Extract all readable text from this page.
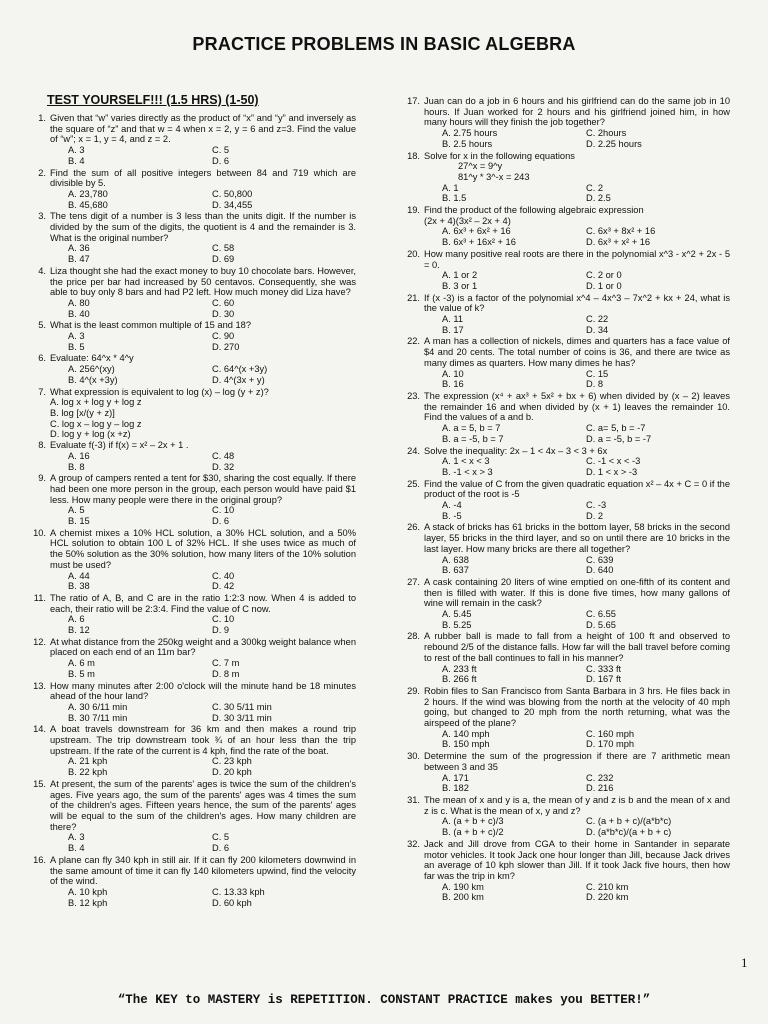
PRACTICE PROBLEMS IN BASIC ALGEBRA
TEST YOURSELF!!! (1.5 HRS) (1-50)
1. Given that “w” varies directly as the product of “x” and “y” and inversely as the square of “z” and that w = 4 when x = 2, y = 6 and z=3. Find the value of “w”; x = 1, y = 4, and z = 2.
A. 3	C. 5
B. 4	D. 6
2. Find the sum of all positive integers between 84 and 719 which are divisible by 5.
A. 23,780	C. 50,800
B. 45,680	D. 34,455
3. The tens digit of a number is 3 less than the units digit. If the number is divided by the sum of the digits, the quotient is 4 and the remainder is 3. What is the original number?
A. 36	C. 58
B. 47	D. 69
4. Liza thought she had the exact money to buy 10 chocolate bars. However, the price per bar had increased by 50 centavos. Consequently, she was able to buy only 8 bars and had P2 left. How much money did Liza have?
A. 80	C. 60
B. 40	D. 30
5. What is the least common multiple of 15 and 18?
A. 3	C. 90
B. 5	D. 270
6. Evaluate: 64^x * 4^y
A. 256^(xy)	C. 64^(x +3y)
B. 4^(x +3y)	D. 4^(3x + y)
7. What expression is equivalent to log (x) – log (y + z)?
A. log x + log y + log z
B. log [x/(y + z)]
C. log x – log y – log z
D. log y + log (x +z)
8. Evaluate f(-3) if f(x) = x² – 2x + 1 .
A. 16	C. 48
B. 8	D. 32
9. A group of campers rented a tent for $30, sharing the cost equally. If there had been one more person in the group, each person would have paid $1 less. How many people were there in the original group?
A. 5	C. 10
B. 15	D. 6
10. A chemist mixes a 10% HCL solution, a 30% HCL solution, and a 50% HCL solution to obtain 100 L of 32% HCL. If she uses twice as much of the 50% solution as the 30% solution, how many liters of the 10% solution must be used?
A. 44	C. 40
B. 38	D. 42
11. The ratio of A, B, and C are in the ratio 1:2:3 now. When 4 is added to each, their ratio will be 2:3:4. Find the value of C now.
A. 6	C. 10
B. 12	D. 9
12. At what distance from the 250kg weight and a 300kg weight balance when placed on each end of an 11m bar?
A. 6 m	C. 7 m
B. 5 m	D. 8 m
13. How many minutes after 2:00 o'clock will the minute hand be 18 minutes ahead of the hour land?
A. 30 6/11 min	C. 30 5/11 min
B. 30 7/11 min	D. 30 3/11 min
14. A boat travels downstream for 36 km and then makes a round trip upstream. The trip downstream took ¾ of an hour less than the trip upstream. If the rate of the current is 4 kph, find the rate of the boat.
A. 21 kph	C. 23 kph
B. 22 kph	D. 20 kph
15. At present, the sum of the parents' ages is twice the sum of the children's ages. Five years ago, the sum of the parents' ages was 4 times the sum of the children's ages. Fifteen years hence, the sum of the parents' ages will be equal to the sum of the children's ages. How many children are there?
A. 3	C. 5
B. 4	D. 6
16. A plane can fly 340 kph in still air. If it can fly 200 kilometers downwind in the same amount of time it can fly 140 kilometers upwind, find the velocity of the wind.
A. 10 kph	C. 13.33 kph
B. 12 kph	D. 60 kph
17. Juan can do a job in 6 hours and his girlfriend can do the same job in 10 hours. If Juan worked for 2 hours and his girlfriend joined him, in how many hours will they finish the job together?
A. 2.75 hours	C. 2hours
B. 2.5 hours	D. 2.25 hours
18. Solve for x in the following equations
27^x = 9^y
81^y * 3^-x = 243
A. 1	C. 2
B. 1.5	D. 2.5
19. Find the product of the following algebraic expression
(2x + 4)(3x² – 2x + 4)
A. 6x³ + 6x² + 16	C. 6x³ + 8x² + 16
B. 6x³ + 16x² + 16	D. 6x³ + x² + 16
20. How many positive real roots are there in the polynomial x^3 - x^2 + 2x - 5 = 0.
A. 1 or 2	C. 2 or 0
B. 3 or 1	D. 1 or 0
21. If (x -3) is a factor of the polynomial x^4 – 4x^3 – 7x^2 + kx + 24, what is the value of k?
A. 11	C. 22
B. 17	D. 34
22. A man has a collection of nickels, dimes and quarters has a face value of $4 and 20 cents. The total number of coins is 36, and there are twice as many dimes as quarters. How many dimes he has?
A. 10	C. 15
B. 16	D. 8
23. The expression (x⁴ + ax³ + 5x² + bx + 6) when divided by (x – 2) leaves the remainder 16 and when divided by (x + 1) leaves the remainder 10. Find the values of a and b.
A. a = 5, b = 7	C. a= 5, b = -7
B. a = -5, b = 7	D. a = -5, b = -7
24. Solve the inequality: 2x – 1 < 4x – 3 < 3 + 6x
A. 1 < x < 3	C. -1 < x < -3
B. -1 < x > 3	D. 1 < x > -3
25. Find the value of C from the given quadratic equation x² – 4x + C = 0 if the product of the root is -5
A. -4	C. -3
B. -5	D. 2
26. A stack of bricks has 61 bricks in the bottom layer, 58 bricks in the second layer, 55 bricks in the third layer, and so on until there are 10 bricks in the last layer. How many bricks are there all together?
A. 638	C. 639
B. 637	D. 640
27. A cask containing 20 liters of wine emptied on one-fifth of its content and then is filled with water. If this is done five times, how many gallons of wine will remain in the cask?
A. 5.45	C. 6.55
B. 5.25	D. 5.65
28. A rubber ball is made to fall from a height of 100 ft and observed to rebound 2/5 of the distance falls. How far will the ball travel before coming to rest of the ball continues to fall in his manner?
A. 233 ft	C. 333 ft
B. 266 ft	D. 167 ft
29. Robin files to San Francisco from Santa Barbara in 3 hrs. He files back in 2 hours. If the wind was blowing from the north at the velocity of 40 mph going, but changed to 20 mph from the north returning, what was the airspeed of the plane?
A. 140 mph	C. 160 mph
B. 150 mph	D. 170 mph
30. Determine the sum of the progression if there are 7 arithmetic mean between 3 and 35
A. 171	C. 232
B. 182	D. 216
31. The mean of x and y is a, the mean of y and z is b and the mean of x and z is c. What is the mean of x, y and z?
A. (a + b + c)/3	C. (a + b + c)/(a*b*c)
B. (a + b + c)/2	D. (a*b*c)/(a + b + c)
32. Jack and Jill drove from CGA to their home in Santander in separate motor vehicles. It took Jack one hour longer than Jill, because Jack drives an average of 10 kph slower than Jill. If it took Jack five hours, then how far was the trip in km?
A. 190 km	C. 210 km
B. 200 km	D. 220 km
1
“The KEY to MASTERY is REPETITION. CONSTANT PRACTICE makes you BETTER!”
